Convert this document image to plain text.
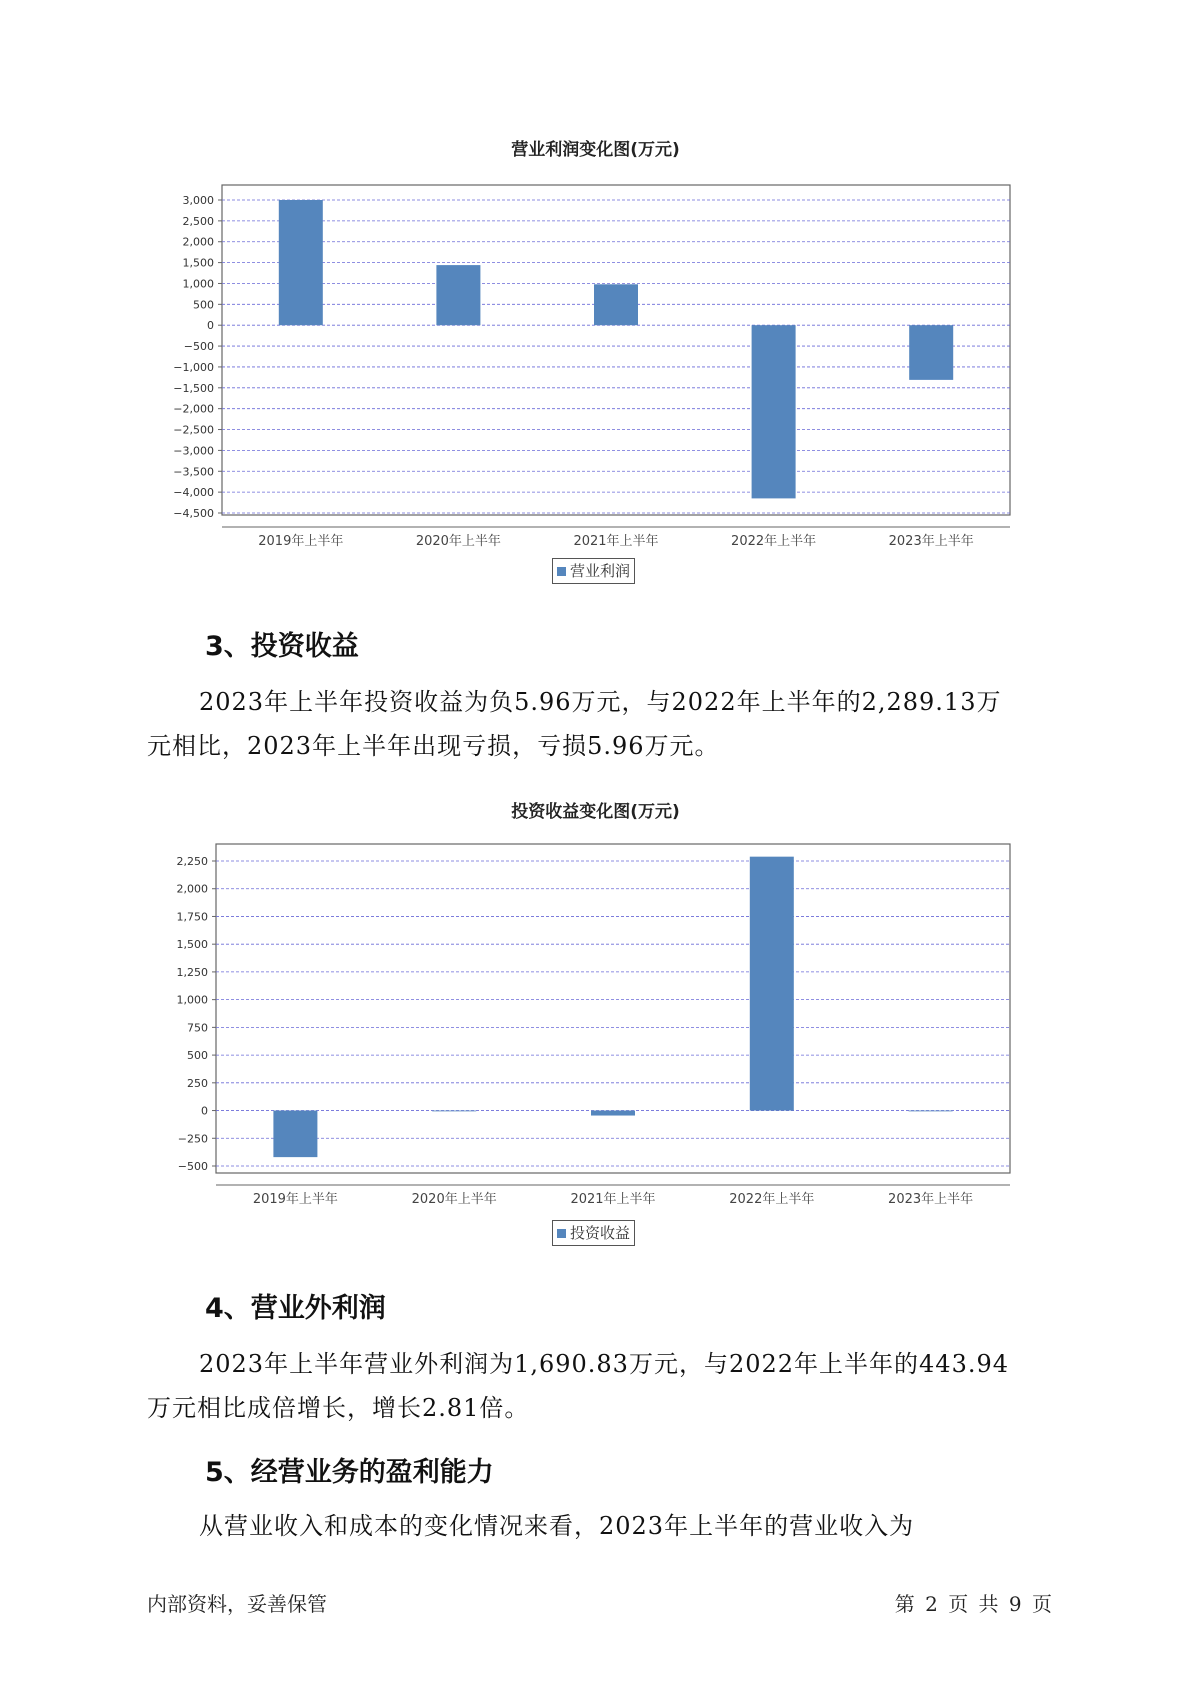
营业利润变化图(万元)
3,000
2,500
2,000
1,500
1,000
500
0
−500
−1,000
−1,500
−2,000
−2,500
−3,000
−3,500
−4,000
−4,500
2019年上半年	2020年上半年	2021年上半年	2022年上半年	2023年上半年
营业利润
3、投资收益
2023年上半年投资收益为负5.96万元，与2022年上半年的2,289.13万
元相比，2023年上半年出现亏损，亏损5.96万元。
投资收益变化图(万元)
2,250
2,000
1,750
1,500
1,250
1,000
750
500
250
0
−250
−500
2019年上半年	2020年上半年	2021年上半年	2022年上半年	2023年上半年
投资收益
4、营业外利润
2023年上半年营业外利润为1,690.83万元，与2022年上半年的443.94
万元相比成倍增长，增长2.81倍。
5、经营业务的盈利能力
从营业收入和成本的变化情况来看，2023年上半年的营业收入为
内部资料，妥善保管	第 2 页 共 9 页
